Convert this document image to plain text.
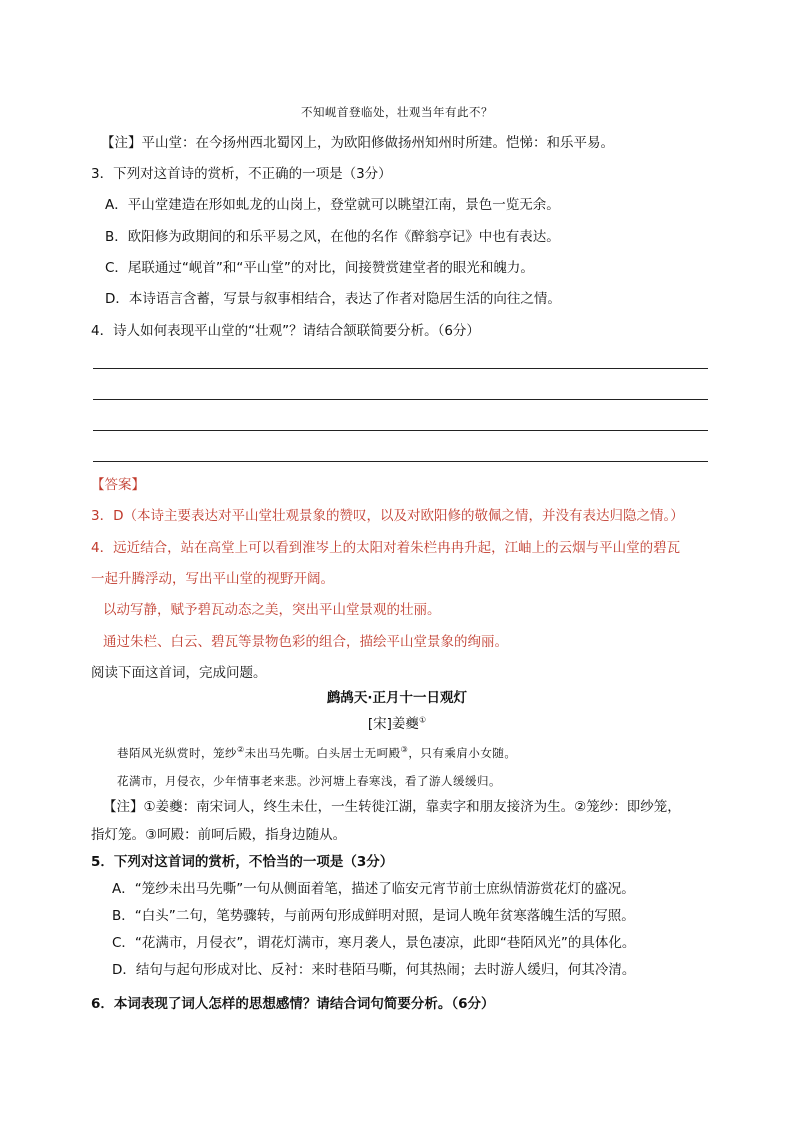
不知岘首登临处，壮观当年有此不？
【注】平山堂：在今扬州西北蜀冈上，为欧阳修做扬州知州时所建。恺悌：和乐平易。
3．下列对这首诗的赏析，不正确的一项是（3分）
A．平山堂建造在形如虬龙的山岗上，登堂就可以眺望江南，景色一览无余。
B．欧阳修为政期间的和乐平易之风，在他的名作《醉翁亭记》中也有表达。
C．尾联通过“岘首”和“平山堂”的对比，间接赞赏建堂者的眼光和魄力。
D．本诗语言含蓄，写景与叙事相结合，表达了作者对隐居生活的向往之情。
4．诗人如何表现平山堂的“壮观”？请结合颔联简要分析。（6分）
【答案】
3．D（本诗主要表达对平山堂壮观景象的赞叹，以及对欧阳修的敬佩之情，并没有表达归隐之情。）
4．远近结合，站在高堂上可以看到淮岑上的太阳对着朱栏冉冉升起，江岫上的云烟与平山堂的碧瓦
一起升腾浮动，写出平山堂的视野开阔。
以动写静，赋予碧瓦动态之美，突出平山堂景观的壮丽。
通过朱栏、白云、碧瓦等景物色彩的组合，描绘平山堂景象的绚丽。
阅读下面这首词，完成问题。
鹧鸪天·正月十一日观灯
[宋]姜夔①
巷陌风光纵赏时，笼纱②未出马先嘶。白头居士无呵殿③，只有乘肩小女随。
花满市，月侵衣，少年情事老来悲。沙河塘上春寒浅，看了游人缓缓归。
【注】①姜夔：南宋词人，终生未仕，一生转徙江湖，靠卖字和朋友接济为生。②笼纱：即纱笼，
指灯笼。③呵殿：前呵后殿，指身边随从。
5．下列对这首词的赏析，不恰当的一项是（3分）
A．“笼纱未出马先嘶”一句从侧面着笔，描述了临安元宵节前士庶纵情游赏花灯的盛况。
B．“白头”二句，笔势骤转，与前两句形成鲜明对照，是词人晚年贫寒落魄生活的写照。
C．“花满市，月侵衣”，谓花灯满市，寒月袭人，景色凄凉，此即“巷陌风光”的具体化。
D．结句与起句形成对比、反衬：来时巷陌马嘶，何其热闹；去时游人缓归，何其冷清。
6．本词表现了词人怎样的思想感情？请结合词句简要分析。（6分）
